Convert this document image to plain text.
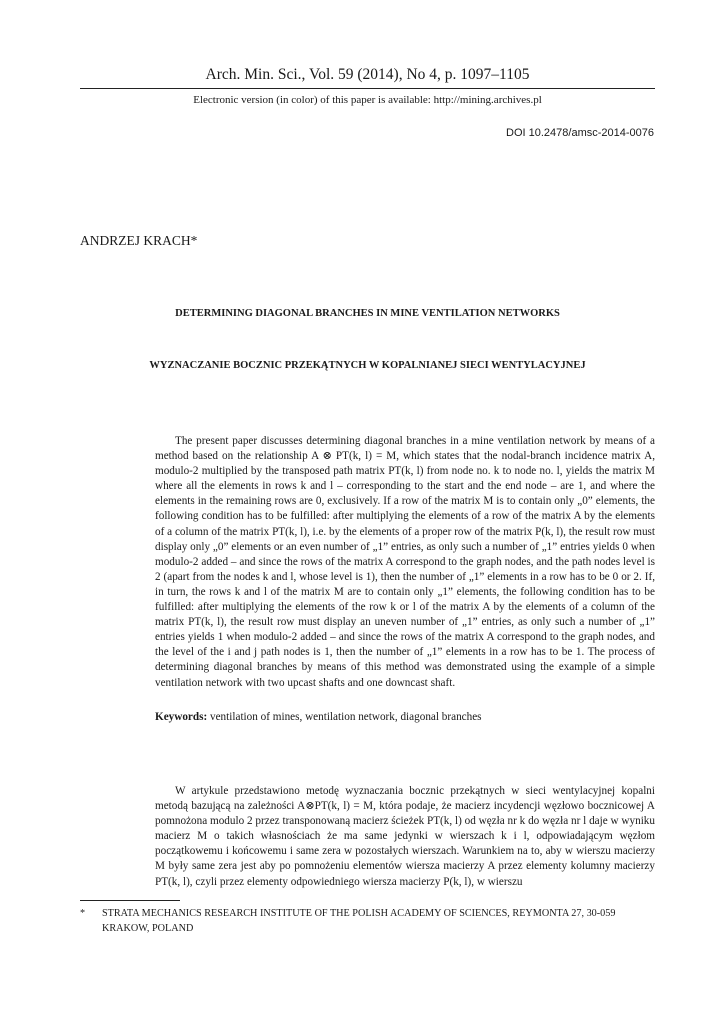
Arch. Min. Sci., Vol. 59 (2014), No 4, p. 1097–1105
Electronic version (in color) of this paper is available: http://mining.archives.pl
DOI 10.2478/amsc-2014-0076
ANDRZEJ KRACH*
DETERMINING DIAGONAL BRANCHES IN MINE VENTILATION NETWORKS
WYZNACZANIE BOCZNIC PRZEKĄTNYCH W KOPALNIANEJ SIECI WENTYLACYJNEJ

The present paper discusses determining diagonal branches in a mine ventilation network by means of a method based on the relationship A ⊗ PT(k, l) = M, which states that the nodal-branch incidence matrix A, modulo-2 multiplied by the transposed path matrix PT(k, l) from node no. k to node no. l, yields the matrix M where all the elements in rows k and l – corresponding to the start and the end node – are 1, and where the elements in the remaining rows are 0, exclusively. If a row of the matrix M is to contain only „0” elements, the following condition has to be fulfilled: after multiplying the elements of a row of the matrix A by the elements of a column of the matrix PT(k, l), i.e. by the elements of a proper row of the matrix P(k, l), the result row must display only „0” elements or an even number of „1” entries, as only such a number of „1” entries yields 0 when modulo-2 added – and since the rows of the matrix A correspond to the graph nodes, and the path nodes level is 2 (apart from the nodes k and l, whose level is 1), then the number of „1” elements in a row has to be 0 or 2. If, in turn, the rows k and l of the matrix M are to contain only „1” elements, the following condition has to be fulfilled: after multiplying the elements of the row k or l of the matrix A by the elements of a column of the matrix PT(k, l), the result row must display an uneven number of „1” entries, as only such a number of „1” entries yields 1 when modulo-2 added – and since the rows of the matrix A correspond to the graph nodes, and the level of the i and j path nodes is 1, then the number of „1” elements in a row has to be 1. The process of determining diagonal branches by means of this method was demonstrated using the example of a simple ventilation network with two upcast shafts and one downcast shaft.

Keywords: ventilation of mines, wentilation network, diagonal branches

W artykule przedstawiono metodę wyznaczania bocznic przekątnych w sieci wentylacyjnej kopalni metodą bazującą na zależności A⊗PT(k, l) = M, która podaje, że macierz incydencji węzłowo bocznicowej A pomnożona modulo 2 przez transponowaną macierz ścieżek PT(k, l) od węzła nr k do węzła nr l daje w wyniku macierz M o takich własnościach że ma same jedynki w wierszach k i l, odpowiadającym węzłom początkowemu i końcowemu i same zera w pozostałych wierszach. Warunkiem na to, aby w wierszu macierzy M były same zera jest aby po pomnożeniu elementów wiersza macierzy A przez elementy kolumny macierzy PT(k, l), czyli przez elementy odpowiedniego wiersza macierzy P(k, l), w wierszu

* STRATA MECHANICS RESEARCH INSTITUTE OF THE POLISH ACADEMY OF SCIENCES, REYMONTA 27, 30-059 KRAKOW, POLAND
